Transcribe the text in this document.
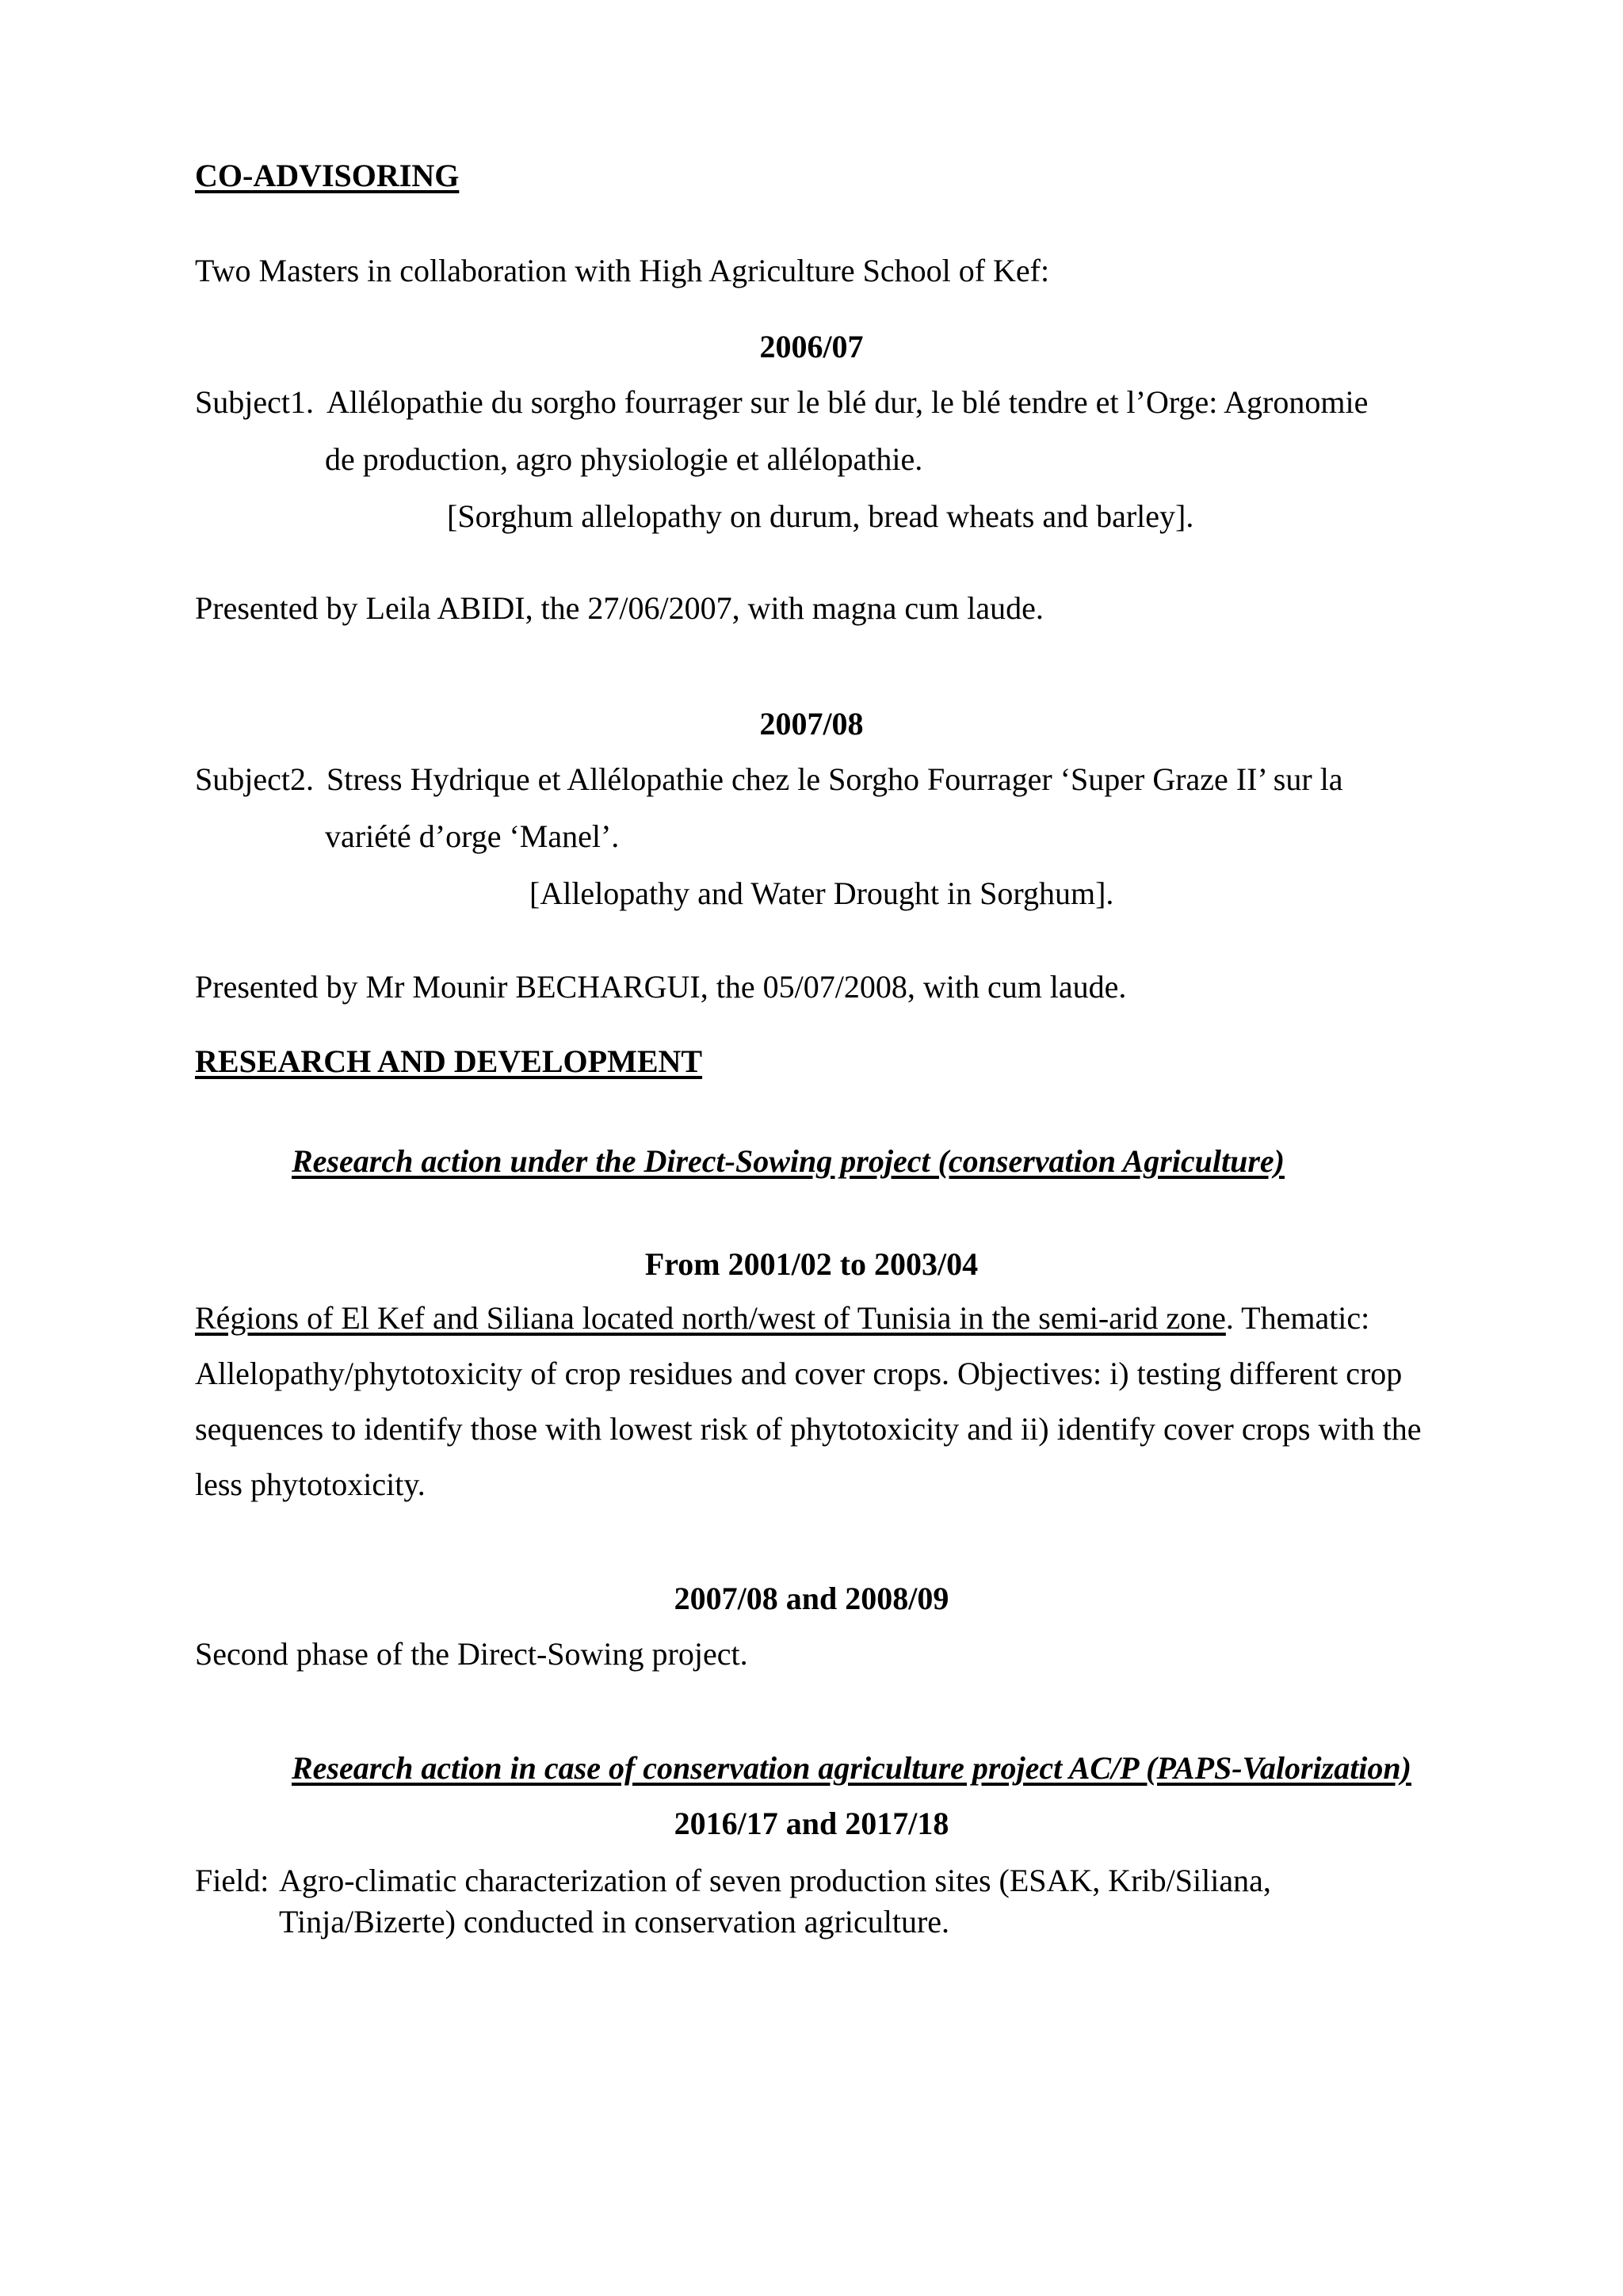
CO-ADVISORING
Two Masters in collaboration with High Agriculture School of Kef:
2006/07
Subject1. Allélopathie du sorgho fourrager sur le blé dur, le blé tendre et l’Orge: Agronomie
de production, agro physiologie et allélopathie.
[Sorghum allelopathy on durum, bread wheats and barley].
Presented by Leila ABIDI, the 27/06/2007, with magna cum laude.
2007/08
Subject2. Stress Hydrique et Allélopathie chez le Sorgho Fourrager ‘Super Graze II’ sur la
variété d’orge ‘Manel’.
[Allelopathy and Water Drought in Sorghum].
Presented by Mr Mounir BECHARGUI, the 05/07/2008, with cum laude.
RESEARCH AND DEVELOPMENT
Research action under the Direct-Sowing project (conservation Agriculture)
From 2001/02 to 2003/04
Régions of El Kef and Siliana located north/west of Tunisia in the semi-arid zone. Thematic:
Allelopathy/phytotoxicity of crop residues and cover crops. Objectives: i) testing different crop
sequences to identify those with lowest risk of phytotoxicity and ii) identify cover crops with the
less phytotoxicity.
2007/08 and 2008/09
Second phase of the Direct-Sowing project.
Research action in case of conservation agriculture project AC/P (PAPS-Valorization)
2016/17 and 2017/18
Field: Agro-climatic characterization of seven production sites (ESAK, Krib/Siliana,
Tinja/Bizerte) conducted in conservation agriculture.
